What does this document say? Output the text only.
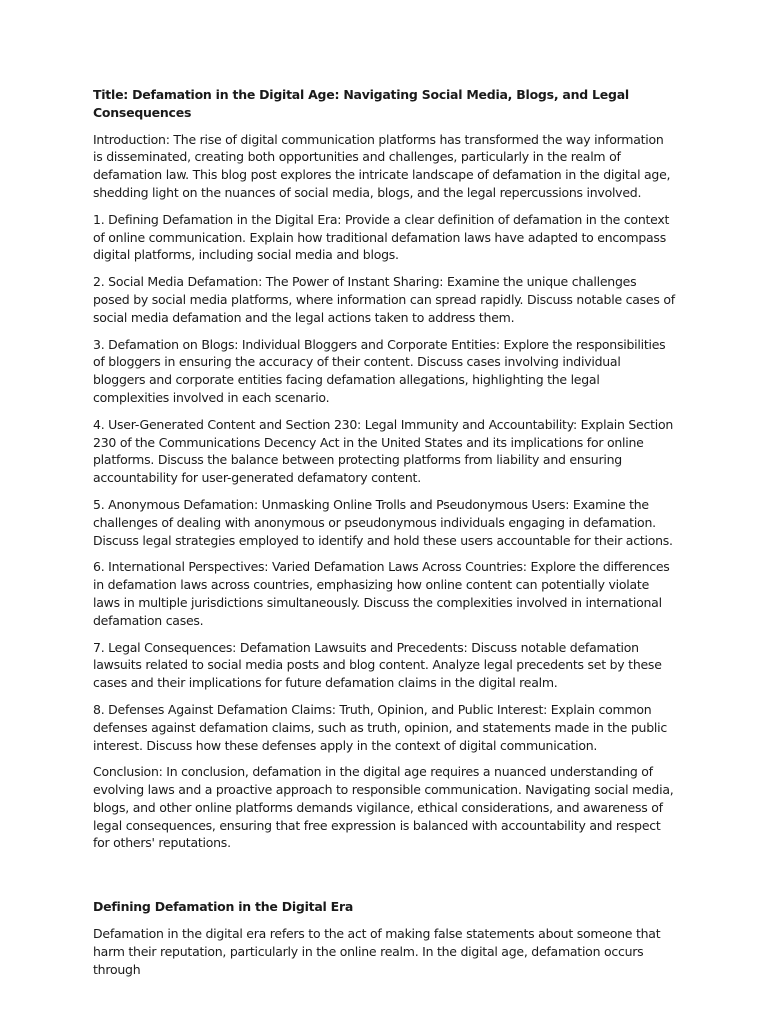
Title: Defamation in the Digital Age: Navigating Social Media, Blogs, and Legal Consequences
Introduction: The rise of digital communication platforms has transformed the way information is disseminated, creating both opportunities and challenges, particularly in the realm of defamation law. This blog post explores the intricate landscape of defamation in the digital age, shedding light on the nuances of social media, blogs, and the legal repercussions involved.
1. Defining Defamation in the Digital Era: Provide a clear definition of defamation in the context of online communication. Explain how traditional defamation laws have adapted to encompass digital platforms, including social media and blogs.
2. Social Media Defamation: The Power of Instant Sharing: Examine the unique challenges posed by social media platforms, where information can spread rapidly. Discuss notable cases of social media defamation and the legal actions taken to address them.
3. Defamation on Blogs: Individual Bloggers and Corporate Entities: Explore the responsibilities of bloggers in ensuring the accuracy of their content. Discuss cases involving individual bloggers and corporate entities facing defamation allegations, highlighting the legal complexities involved in each scenario.
4. User-Generated Content and Section 230: Legal Immunity and Accountability: Explain Section 230 of the Communications Decency Act in the United States and its implications for online platforms. Discuss the balance between protecting platforms from liability and ensuring accountability for user-generated defamatory content.
5. Anonymous Defamation: Unmasking Online Trolls and Pseudonymous Users: Examine the challenges of dealing with anonymous or pseudonymous individuals engaging in defamation. Discuss legal strategies employed to identify and hold these users accountable for their actions.
6. International Perspectives: Varied Defamation Laws Across Countries: Explore the differences in defamation laws across countries, emphasizing how online content can potentially violate laws in multiple jurisdictions simultaneously. Discuss the complexities involved in international defamation cases.
7. Legal Consequences: Defamation Lawsuits and Precedents: Discuss notable defamation lawsuits related to social media posts and blog content. Analyze legal precedents set by these cases and their implications for future defamation claims in the digital realm.
8. Defenses Against Defamation Claims: Truth, Opinion, and Public Interest: Explain common defenses against defamation claims, such as truth, opinion, and statements made in the public interest. Discuss how these defenses apply in the context of digital communication.
Conclusion: In conclusion, defamation in the digital age requires a nuanced understanding of evolving laws and a proactive approach to responsible communication. Navigating social media, blogs, and other online platforms demands vigilance, ethical considerations, and awareness of legal consequences, ensuring that free expression is balanced with accountability and respect for others' reputations.
Defining Defamation in the Digital Era
Defamation in the digital era refers to the act of making false statements about someone that harm their reputation, particularly in the online realm. In the digital age, defamation occurs through
